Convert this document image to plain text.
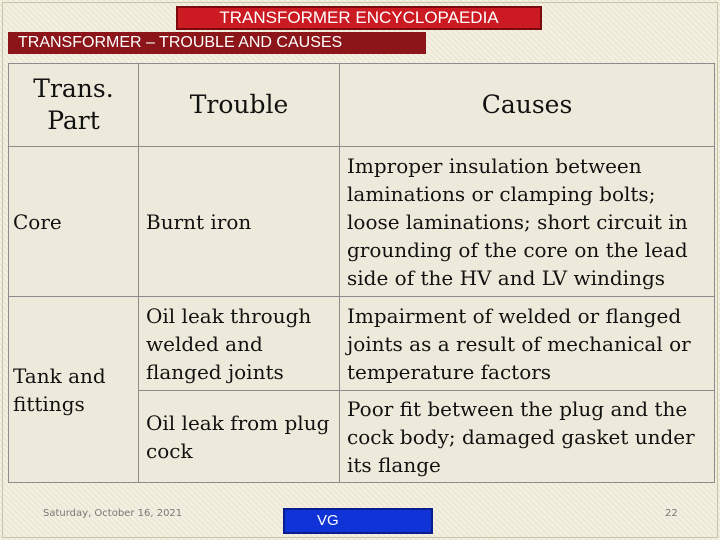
TRANSFORMER ENCYCLOPAEDIA
TRANSFORMER – TROUBLE AND CAUSES
Trans. Part	Trouble	Causes
Core	Burnt iron	Improper insulation between laminations or clamping bolts; loose laminations; short circuit in grounding of the core on the lead side of the HV and LV windings
Tank and fittings	Oil leak through welded and flanged joints	Impairment of welded or flanged joints as a result of mechanical or temperature factors
	Oil leak from plug cock	Poor fit between the plug and the cock body; damaged gasket under its flange
Saturday, October 16, 2021	VG	22
